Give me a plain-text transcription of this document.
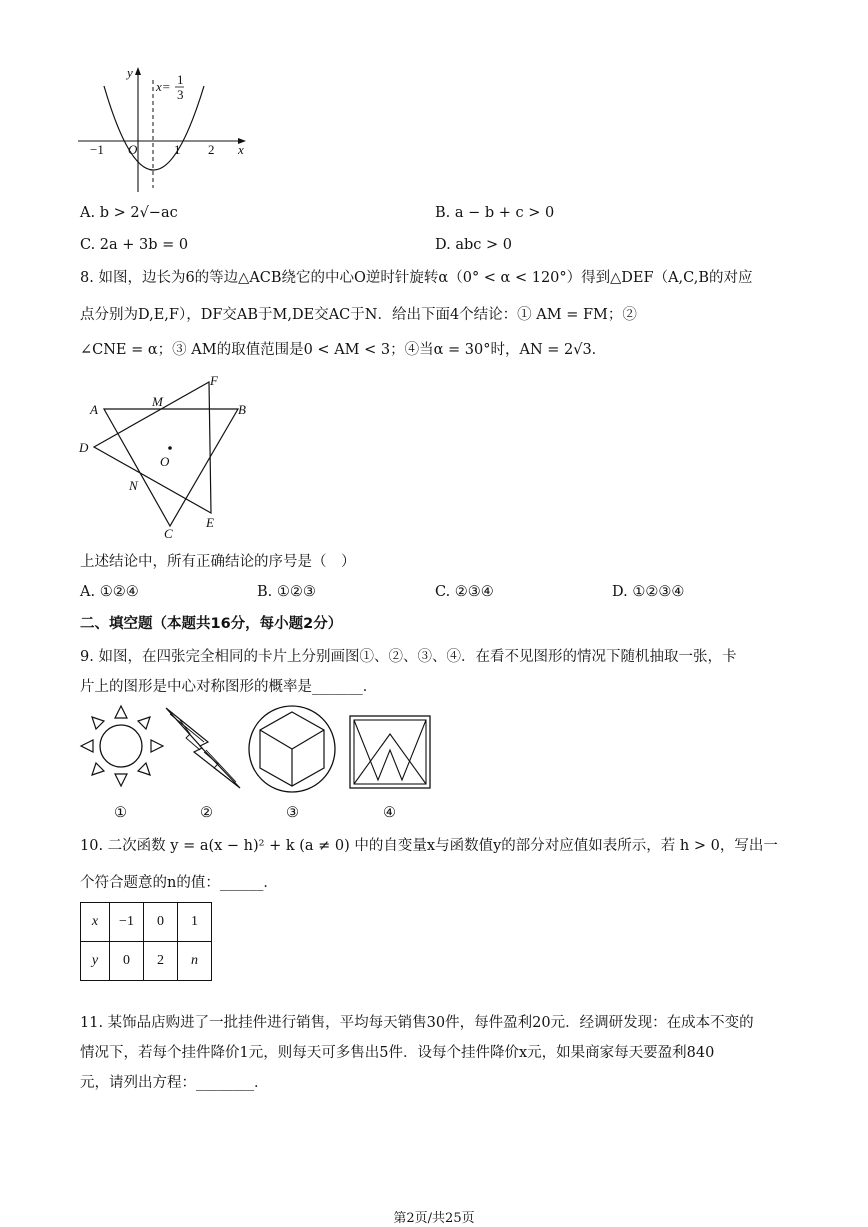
y
x
x= 1
3
−1 O	1 2
A. b > 2√−ac	B. a − b + c > 0
C. 2a + 3b = 0	D. abc > 0
8. 如图，边长为6的等边△ACB绕它的中心O逆时针旋转α（0° < α < 120°）得到△DEF（A,C,B的对应
点分别为D,E,F），DF交AB于M,DE交AC于N．给出下面4个结论：① AM = FM；②
∠CNE = α；③ AM的取值范围是0 < AM < 3；④当α = 30°时，AN = 2√3．
A	B
C
D
E
F
M
N
O
上述结论中，所有正确结论的序号是（　）
A. ①②④	B. ①②③	C. ②③④	D. ①②③④
二、填空题（本题共16分，每小题2分）
9. 如图，在四张完全相同的卡片上分别画图①、②、③、④．在看不见图形的情况下随机抽取一张，卡
片上的图形是中心对称图形的概率是_______．
①	②	③	④
10. 二次函数 y = a(x − h)² + k (a ≠ 0) 中的自变量x与函数值y的部分对应值如表所示，若 h > 0，写出一
个符合题意的n的值：______．
x	−1	0	1
y	0	2	n
11. 某饰品店购进了一批挂件进行销售，平均每天销售30件，每件盈利20元．经调研发现：在成本不变的
情况下，若每个挂件降价1元，则每天可多售出5件．设每个挂件降价x元，如果商家每天要盈利840
元，请列出方程：________．
第2页/共25页
